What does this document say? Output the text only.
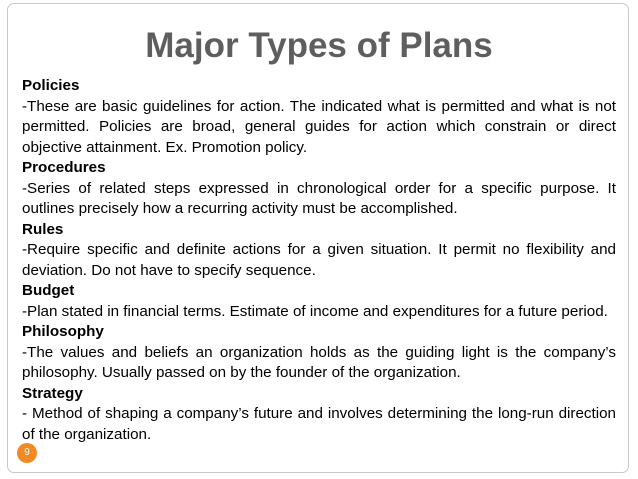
Major Types of Plans

Policies

-These are basic guidelines for action. The indicated what is permitted and what is not permitted. Policies are broad, general guides for action which constrain or direct objective attainment. Ex. Promotion policy.

Procedures

-Series of related steps expressed in chronological order for a specific purpose. It outlines precisely how a recurring activity must be accomplished.

Rules

-Require specific and definite actions for a given situation. It permit no flexibility and deviation. Do not have to specify sequence.

Budget

-Plan stated in financial terms. Estimate of income and expenditures for a future period.

Philosophy

-The values and beliefs an organization holds as the guiding light is the company’s philosophy. Usually passed on by the founder of the organization.

Strategy

- Method of shaping a company’s future and involves determining the long-run direction of the organization.

9
